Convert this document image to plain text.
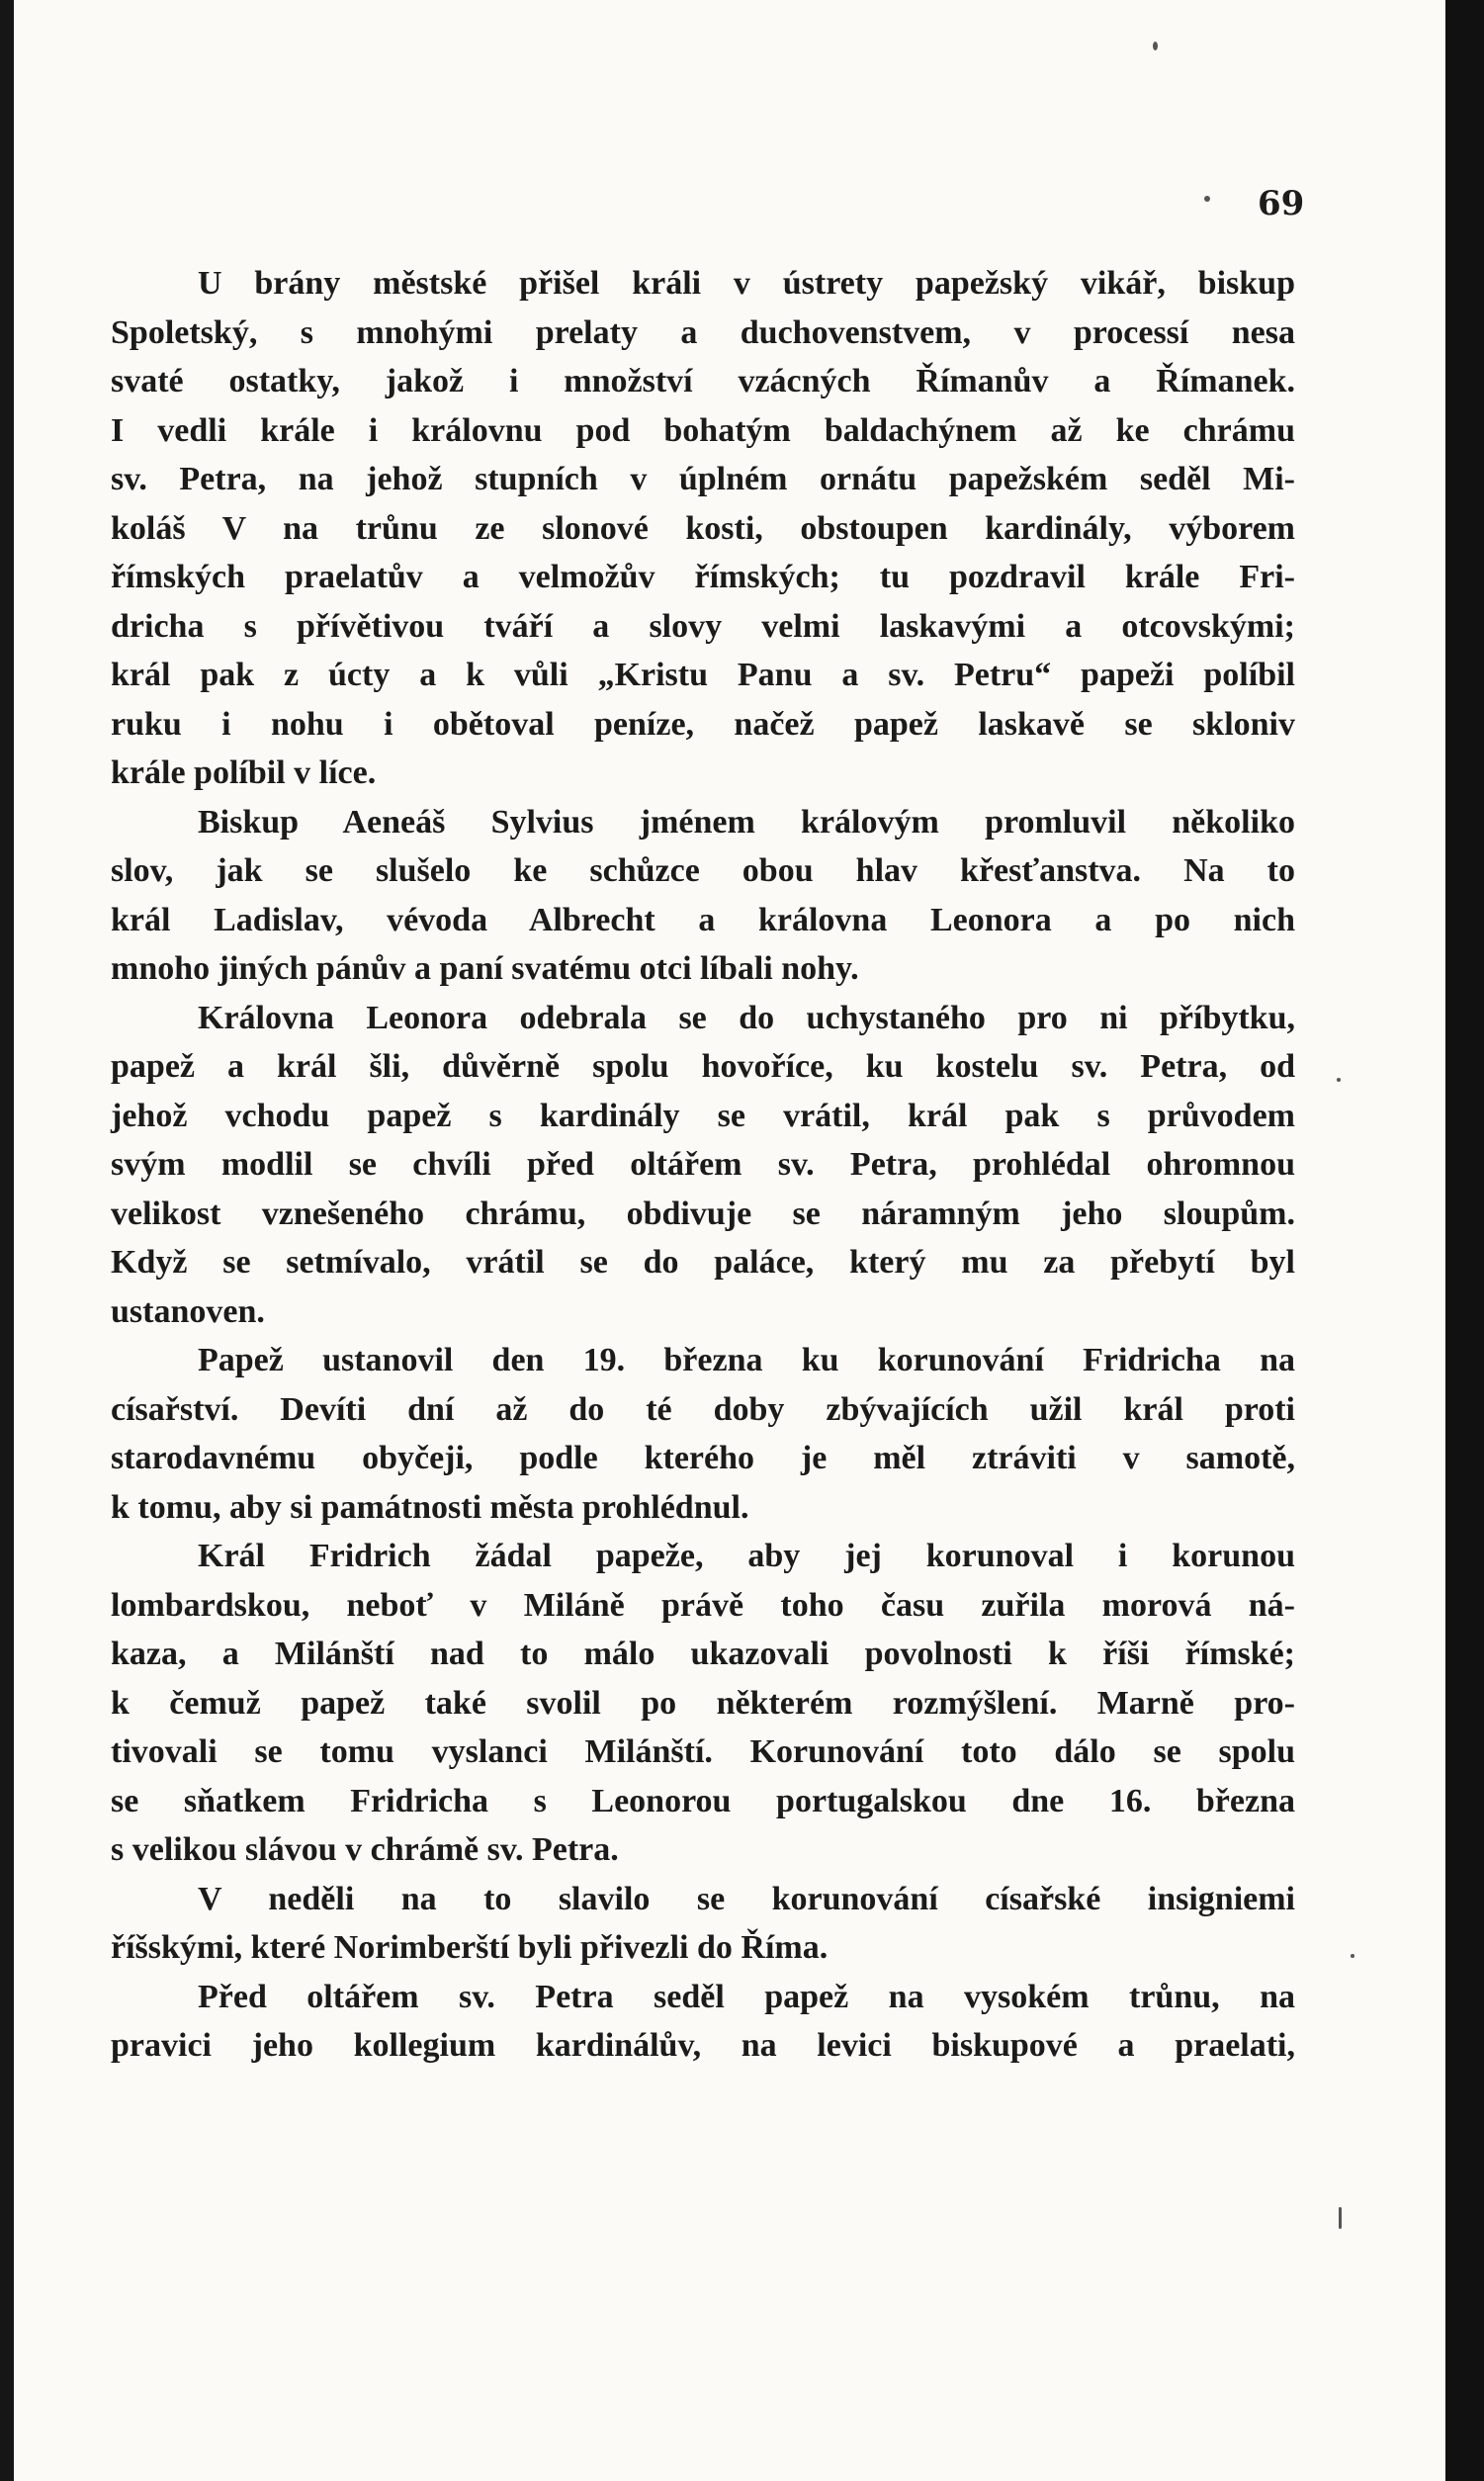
69

U brány městské přišel králi v ústrety papežský vikář, biskup
Spoletský, s mnohými prelaty a duchovenstvem, v processí nesa
svaté ostatky, jakož i množství vzácných Římanův a Římanek.
I vedli krále i královnu pod bohatým baldachýnem až ke chrámu
sv. Petra, na jehož stupních v úplném ornátu papežském seděl Mi-
koláš V na trůnu ze slonové kosti, obstoupen kardinály, výborem
římských praelatův a velmožův římských; tu pozdravil krále Fri-
dricha s přívětivou tváří a slovy velmi laskavými a otcovskými;
král pak z úcty a k vůli „Kristu Panu a sv. Petru“ papeži políbil
ruku i nohu i obětoval peníze, načež papež laskavě se skloniv
krále políbil v líce.
Biskup Aeneáš Sylvius jménem královým promluvil několiko
slov, jak se slušelo ke schůzce obou hlav křesťanstva. Na to
král Ladislav, vévoda Albrecht a královna Leonora a po nich
mnoho jiných pánův a paní svatému otci líbali nohy.
Královna Leonora odebrala se do uchystaného pro ni příbytku,
papež a král šli, důvěrně spolu hovoříce, ku kostelu sv. Petra, od
jehož vchodu papež s kardinály se vrátil, král pak s průvodem
svým modlil se chvíli před oltářem sv. Petra, prohlédal ohromnou
velikost vznešeného chrámu, obdivuje se náramným jeho sloupům.
Když se setmívalo, vrátil se do paláce, který mu za přebytí byl
ustanoven.
Papež ustanovil den 19. března ku korunování Fridricha na
císařství. Devíti dní až do té doby zbývajících užil král proti
starodavnému obyčeji, podle kterého je měl ztráviti v samotě,
k tomu, aby si památnosti města prohlédnul.
Král Fridrich žádal papeže, aby jej korunoval i korunou
lombardskou, neboť v Miláně právě toho času zuřila morová ná-
kaza, a Milánští nad to málo ukazovali povolnosti k říši římské;
k čemuž papež také svolil po některém rozmýšlení. Marně pro-
tivovali se tomu vyslanci Milánští. Korunování toto dálo se spolu
se sňatkem Fridricha s Leonorou portugalskou dne 16. března
s velikou slávou v chrámě sv. Petra.
V neděli na to slavilo se korunování císařské insigniemi
říšskými, které Norimberští byli přivezli do Říma.
Před oltářem sv. Petra seděl papež na vysokém trůnu, na
pravici jeho kollegium kardinálův, na levici biskupové a praelati,
